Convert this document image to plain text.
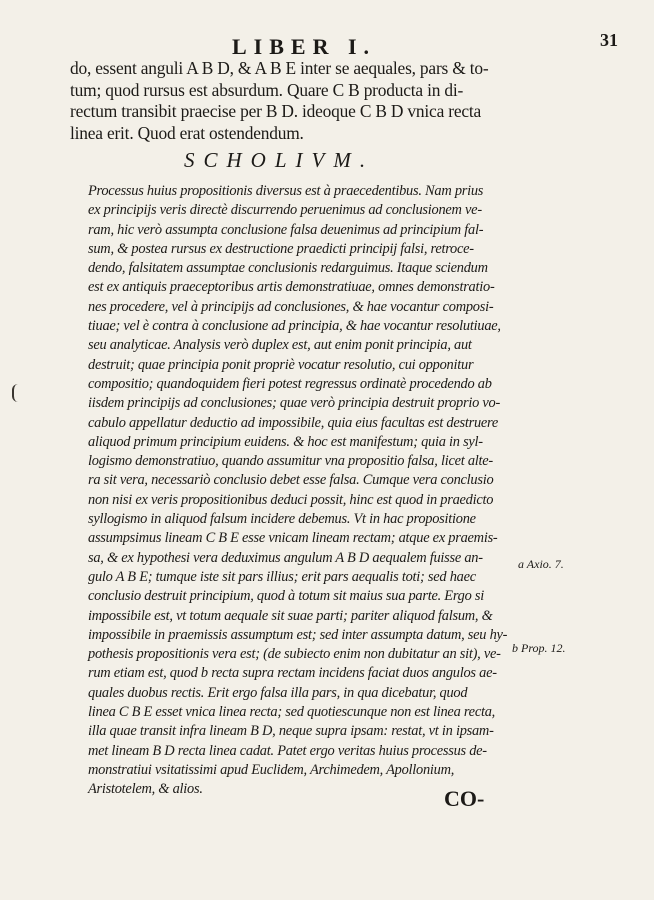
LIBER I.	31
do, essent anguli A B D, & A B E inter se aequales, pars & to-
tum; quod rursus est absurdum. Quare C B producta in di-
rectum transibit praecise per B D. ideoque C B D vnica recta
linea erit. Quod erat ostendendum.
SCHOLIVM.
Processus huius propositionis diversus est à praecedentibus. Nam prius
ex principijs veris directè discurrendo peruenimus ad conclusionem ve-
ram, hic verò assumpta conclusione falsa deuenimus ad principium fal-
sum, & postea rursus ex destructione praedicti principij falsi, retroce-
dendo, falsitatem assumptae conclusionis redarguimus. Itaque sciendum
est ex antiquis praeceptoribus artis demonstratiuae, omnes demonstratio-
nes procedere, vel à principijs ad conclusiones, & hae vocantur composi-
tiuae; vel è contra à conclusione ad principia, & hae vocantur resolutiuae,
seu analyticae. Analysis verò duplex est, aut enim ponit principia, aut
destruit; quae principia ponit propriè vocatur resolutio, cui opponitur
compositio; quandoquidem fieri potest regressus ordinatè procedendo ab
iisdem principijs ad conclusiones; quae verò principia destruit proprio vo-
cabulo appellatur deductio ad impossibile, quia eius facultas est destruere
aliquod primum principium euidens. & hoc est manifestum; quia in syl-
logismo demonstratiuo, quando assumitur vna propositio falsa, licet alte-
ra sit vera, necessariò conclusio debet esse falsa. Cumque vera conclusio
non nisi ex veris propositionibus deduci possit, hinc est quod in praedicto
syllogismo in aliquod falsum incidere debemus. Vt in hac propositione
assumpsimus lineam C B E esse vnicam lineam rectam; atque ex praemis-
sa, & ex hypothesi vera deduximus angulum A B D aequalem fuisse an-
gulo A B E; tumque iste sit pars illius; erit pars aequalis toti; sed haec
conclusio destruit principium, quod à totum sit maius sua parte. Ergo si
impossibile est, vt totum aequale sit suae parti; pariter aliquod falsum, &
impossibile in praemissis assumptum est; sed inter assumpta datum, seu hy-
pothesis propositionis vera est; (de subiecto enim non dubitatur an sit), ve-
rum etiam est, quod b recta supra rectam incidens faciat duos angulos ae-
quales duobus rectis. Erit ergo falsa illa pars, in qua dicebatur, quod
linea C B E esset vnica linea recta; sed quotiescunque non est linea recta,
illa quae transit infra lineam B D, neque supra ipsam: restat, vt in ipsam-
met lineam B D recta linea cadat. Patet ergo veritas huius processus de-
monstratiui vsitatissimi apud Euclidem, Archimedem, Apollonium,
Aristotelem, & alios.
a Axio. 7.
b Prop. 12.
CO-
